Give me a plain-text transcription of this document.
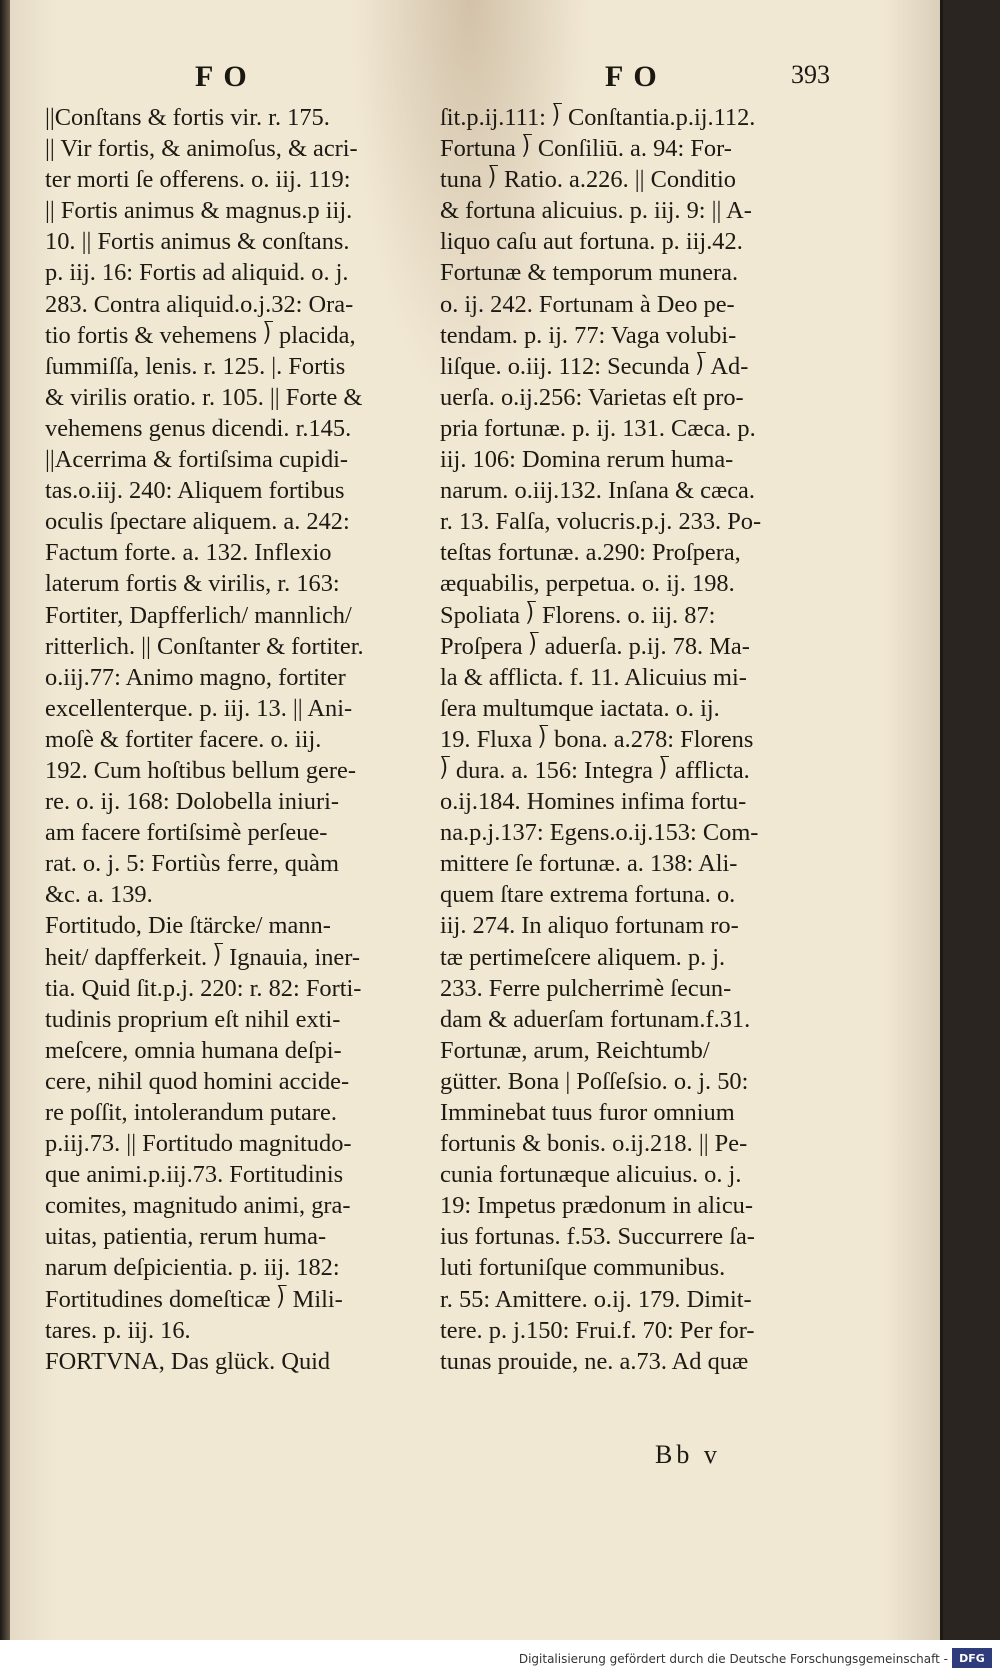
FO	FO	393
||Conſtans & fortis vir. r. 175.
|| Vir fortis, & animoſus, & acri-
ter morti ſe offerens. o. iij. 119:
|| Fortis animus & magnus.p iij.
10. || Fortis animus & conſtans.
p. iij. 16: Fortis ad aliquid. o. j.
283. Contra aliquid.o.j.32: Ora-
tio fortis & vehemens ⟌ placida,
ſummiſſa, lenis. r. 125. |. Fortis
& virilis oratio. r. 105. || Forte &
vehemens genus dicendi. r.145.
||Acerrima & fortiſsima cupidi-
tas.o.iij. 240: Aliquem fortibus
oculis ſpectare aliquem. a. 242:
Factum forte. a. 132. Inflexio
laterum fortis & virilis, r. 163:
Fortiter, Dapfferlich/ mannlich/
ritterlich. || Conſtanter & fortiter.
o.iij.77: Animo magno, fortiter
excellenterque. p. iij. 13. || Ani-
moſè & fortiter facere. o. iij.
192. Cum hoſtibus bellum gere-
re. o. ij. 168: Dolobella iniuri-
am facere fortiſsimè perſeue-
rat. o. j. 5: Fortiùs ferre, quàm
&c. a. 139.
Fortitudo, Die ſtärcke/ mann-
heit/ dapfferkeit. ⟌ Ignauia, iner-
tia. Quid ſit.p.j. 220: r. 82: Forti-
tudinis proprium eſt nihil exti-
meſcere, omnia humana deſpi-
cere, nihil quod homini accide-
re poſſit, intolerandum putare.
p.iij.73. || Fortitudo magnitudo-
que animi.p.iij.73. Fortitudinis
comites, magnitudo animi, gra-
uitas, patientia, rerum huma-
narum deſpicientia. p. iij. 182:
Fortitudines domeſticæ ⟌ Mili-
tares. p. iij. 16.
FORTVNA, Das glück. Quid
ſit.p.ij.111: ⟌ Conſtantia.p.ij.112.
Fortuna ⟌ Conſiliū. a. 94: For-
tuna ⟌ Ratio. a.226. || Conditio
& fortuna alicuius. p. iij. 9: || A-
liquo caſu aut fortuna. p. iij.42.
Fortunæ & temporum munera.
o. ij. 242. Fortunam à Deo pe-
tendam. p. ij. 77: Vaga volubi-
liſque. o.iij. 112: Secunda ⟌ Ad-
uerſa. o.ij.256: Varietas eſt pro-
pria fortunæ. p. ij. 131. Cæca. p.
iij. 106: Domina rerum huma-
narum. o.iij.132. Inſana & cæca.
r. 13. Falſa, volucris.p.j. 233. Po-
teſtas fortunæ. a.290: Proſpera,
æquabilis, perpetua. o. ij. 198.
Spoliata ⟌ Florens. o. iij. 87:
Proſpera ⟌ aduerſa. p.ij. 78. Ma-
la & afflicta. f. 11. Alicuius mi-
ſera multumque iactata. o. ij.
19. Fluxa ⟌ bona. a.278: Florens
⟌ dura. a. 156: Integra ⟌ afflicta.
o.ij.184. Homines infima fortu-
na.p.j.137: Egens.o.ij.153: Com-
mittere ſe fortunæ. a. 138: Ali-
quem ſtare extrema fortuna. o.
iij. 274. In aliquo fortunam ro-
tæ pertimeſcere aliquem. p. j.
233. Ferre pulcherrimè ſecun-
dam & aduerſam fortunam.f.31.
Fortunæ, arum, Reichtumb/
gütter. Bona | Poſſeſsio. o. j. 50:
Imminebat tuus furor omnium
fortunis & bonis. o.ij.218. || Pe-
cunia fortunæque alicuius. o. j.
19: Impetus prædonum in alicu-
ius fortunas. f.53. Succurrere ſa-
luti fortuniſque communibus.
r. 55: Amittere. o.ij. 179. Dimit-
tere. p. j.150: Frui.f. 70: Per for-
tunas prouide, ne. a.73. Ad quæ
Bb v
Digitalisierung gefördert durch die Deutsche Forschungsgemeinschaft -	DFG
